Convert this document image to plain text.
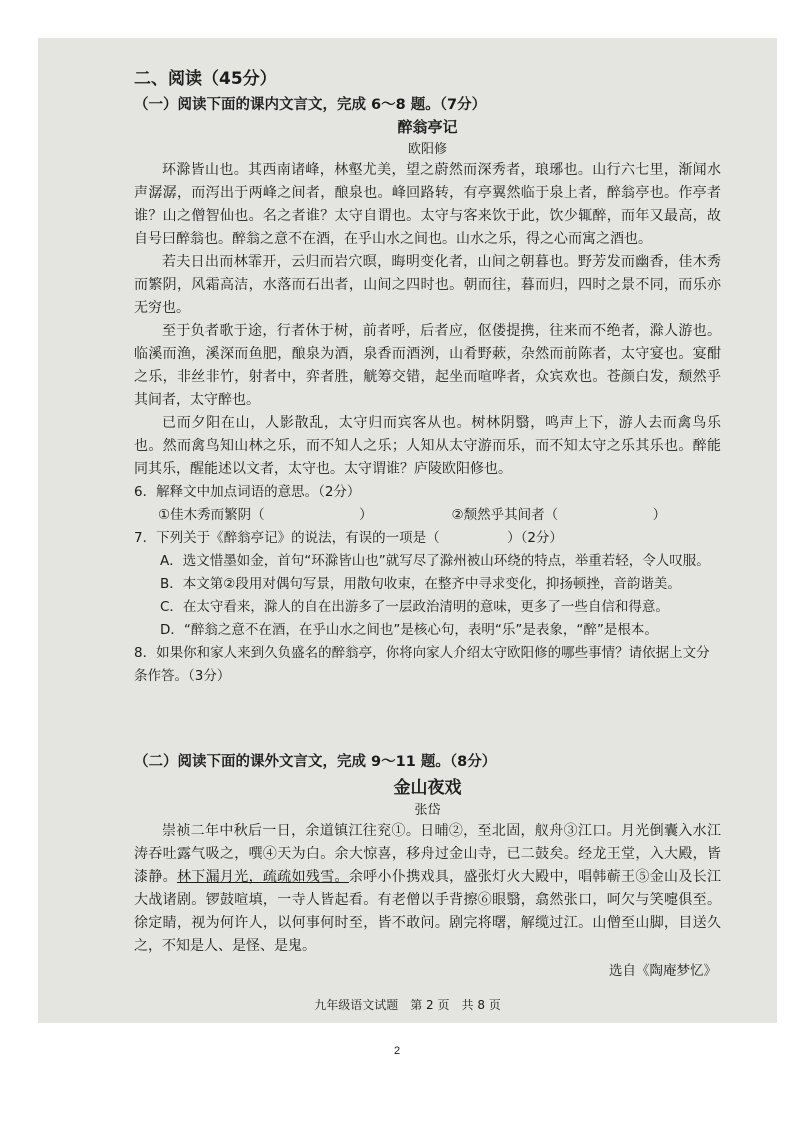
二、阅读（45分）
（一）阅读下面的课内文言文，完成 6～8 题。（7分）
醉翁亭记
欧阳修

环滁皆山也。其西南诸峰，林壑尤美，望之蔚然而深秀者，琅琊也。山行六七里，渐闻水声潺潺，而泻出于两峰之间者，酿泉也。峰回路转，有亭翼然临于泉上者，醉翁亭也。作亭者谁？山之僧智仙也。名之者谁？太守自谓也。太守与客来饮于此，饮少辄醉，而年又最高，故自号曰醉翁也。醉翁之意不在酒，在乎山水之间也。山水之乐，得之心而寓之酒也。

若夫日出而林霏开，云归而岩穴暝，晦明变化者，山间之朝暮也。野芳发而幽香，佳木秀而繁阴，风霜高洁，水落而石出者，山间之四时也。朝而往，暮而归，四时之景不同，而乐亦无穷也。

至于负者歌于途，行者休于树，前者呼，后者应，伛偻提携，往来而不绝者，滁人游也。临溪而渔，溪深而鱼肥，酿泉为酒，泉香而酒洌，山肴野蔌，杂然而前陈者，太守宴也。宴酣之乐，非丝非竹，射者中，弈者胜，觥筹交错，起坐而喧哗者，众宾欢也。苍颜白发，颓然乎其间者，太守醉也。

已而夕阳在山，人影散乱，太守归而宾客从也。树林阴翳，鸣声上下，游人去而禽鸟乐也。然而禽鸟知山林之乐，而不知人之乐；人知从太守游而乐，而不知太守之乐其乐也。醉能同其乐，醒能述以文者，太守也。太守谓谁？庐陵欧阳修也。

6．解释文中加点词语的意思。（2分）
①佳木秀而繁阴（　　　　　　　）	②颓然乎其间者（　　　　　　　）
7．下列关于《醉翁亭记》的说法，有误的一项是（　　　　　）（2分）
A．选文惜墨如金，首句“环滁皆山也”就写尽了滁州被山环绕的特点，举重若轻，令人叹服。
B．本文第②段用对偶句写景，用散句收束，在整齐中寻求变化，抑扬顿挫，音韵谐美。
C．在太守看来，滁人的自在出游多了一层政治清明的意味，更多了一些自信和得意。
D．“醉翁之意不在酒，在乎山水之间也”是核心句，表明“乐”是表象，“醉”是根本。
8．如果你和家人来到久负盛名的醉翁亭，你将向家人介绍太守欧阳修的哪些事情？请依据上文分条作答。（3分）
（二）阅读下面的课外文言文，完成 9～11 题。（8分）
金山夜戏
张岱

崇祯二年中秋后一日，余道镇江往兖①。日晡②，至北固，舣舟③江口。月光倒囊入水江涛吞吐露气吸之，噀④天为白。余大惊喜，移舟过金山寺，已二鼓矣。经龙王堂，入大殿，皆漆静。林下漏月光，疏疏如残雪。余呼小仆携戏具，盛张灯火大殿中，唱韩蕲王⑤金山及长江大战诸剧。锣鼓喧填，一寺人皆起看。有老僧以手背擦⑥眼翳，翕然张口，呵欠与笑嚏俱至。徐定睛，视为何许人，以何事何时至，皆不敢问。剧完将曙，解缆过江。山僧至山脚，目送久之，不知是人、是怪、是鬼。

选自《陶庵梦忆》
九年级语文试题　第 2 页　共 8 页
2
